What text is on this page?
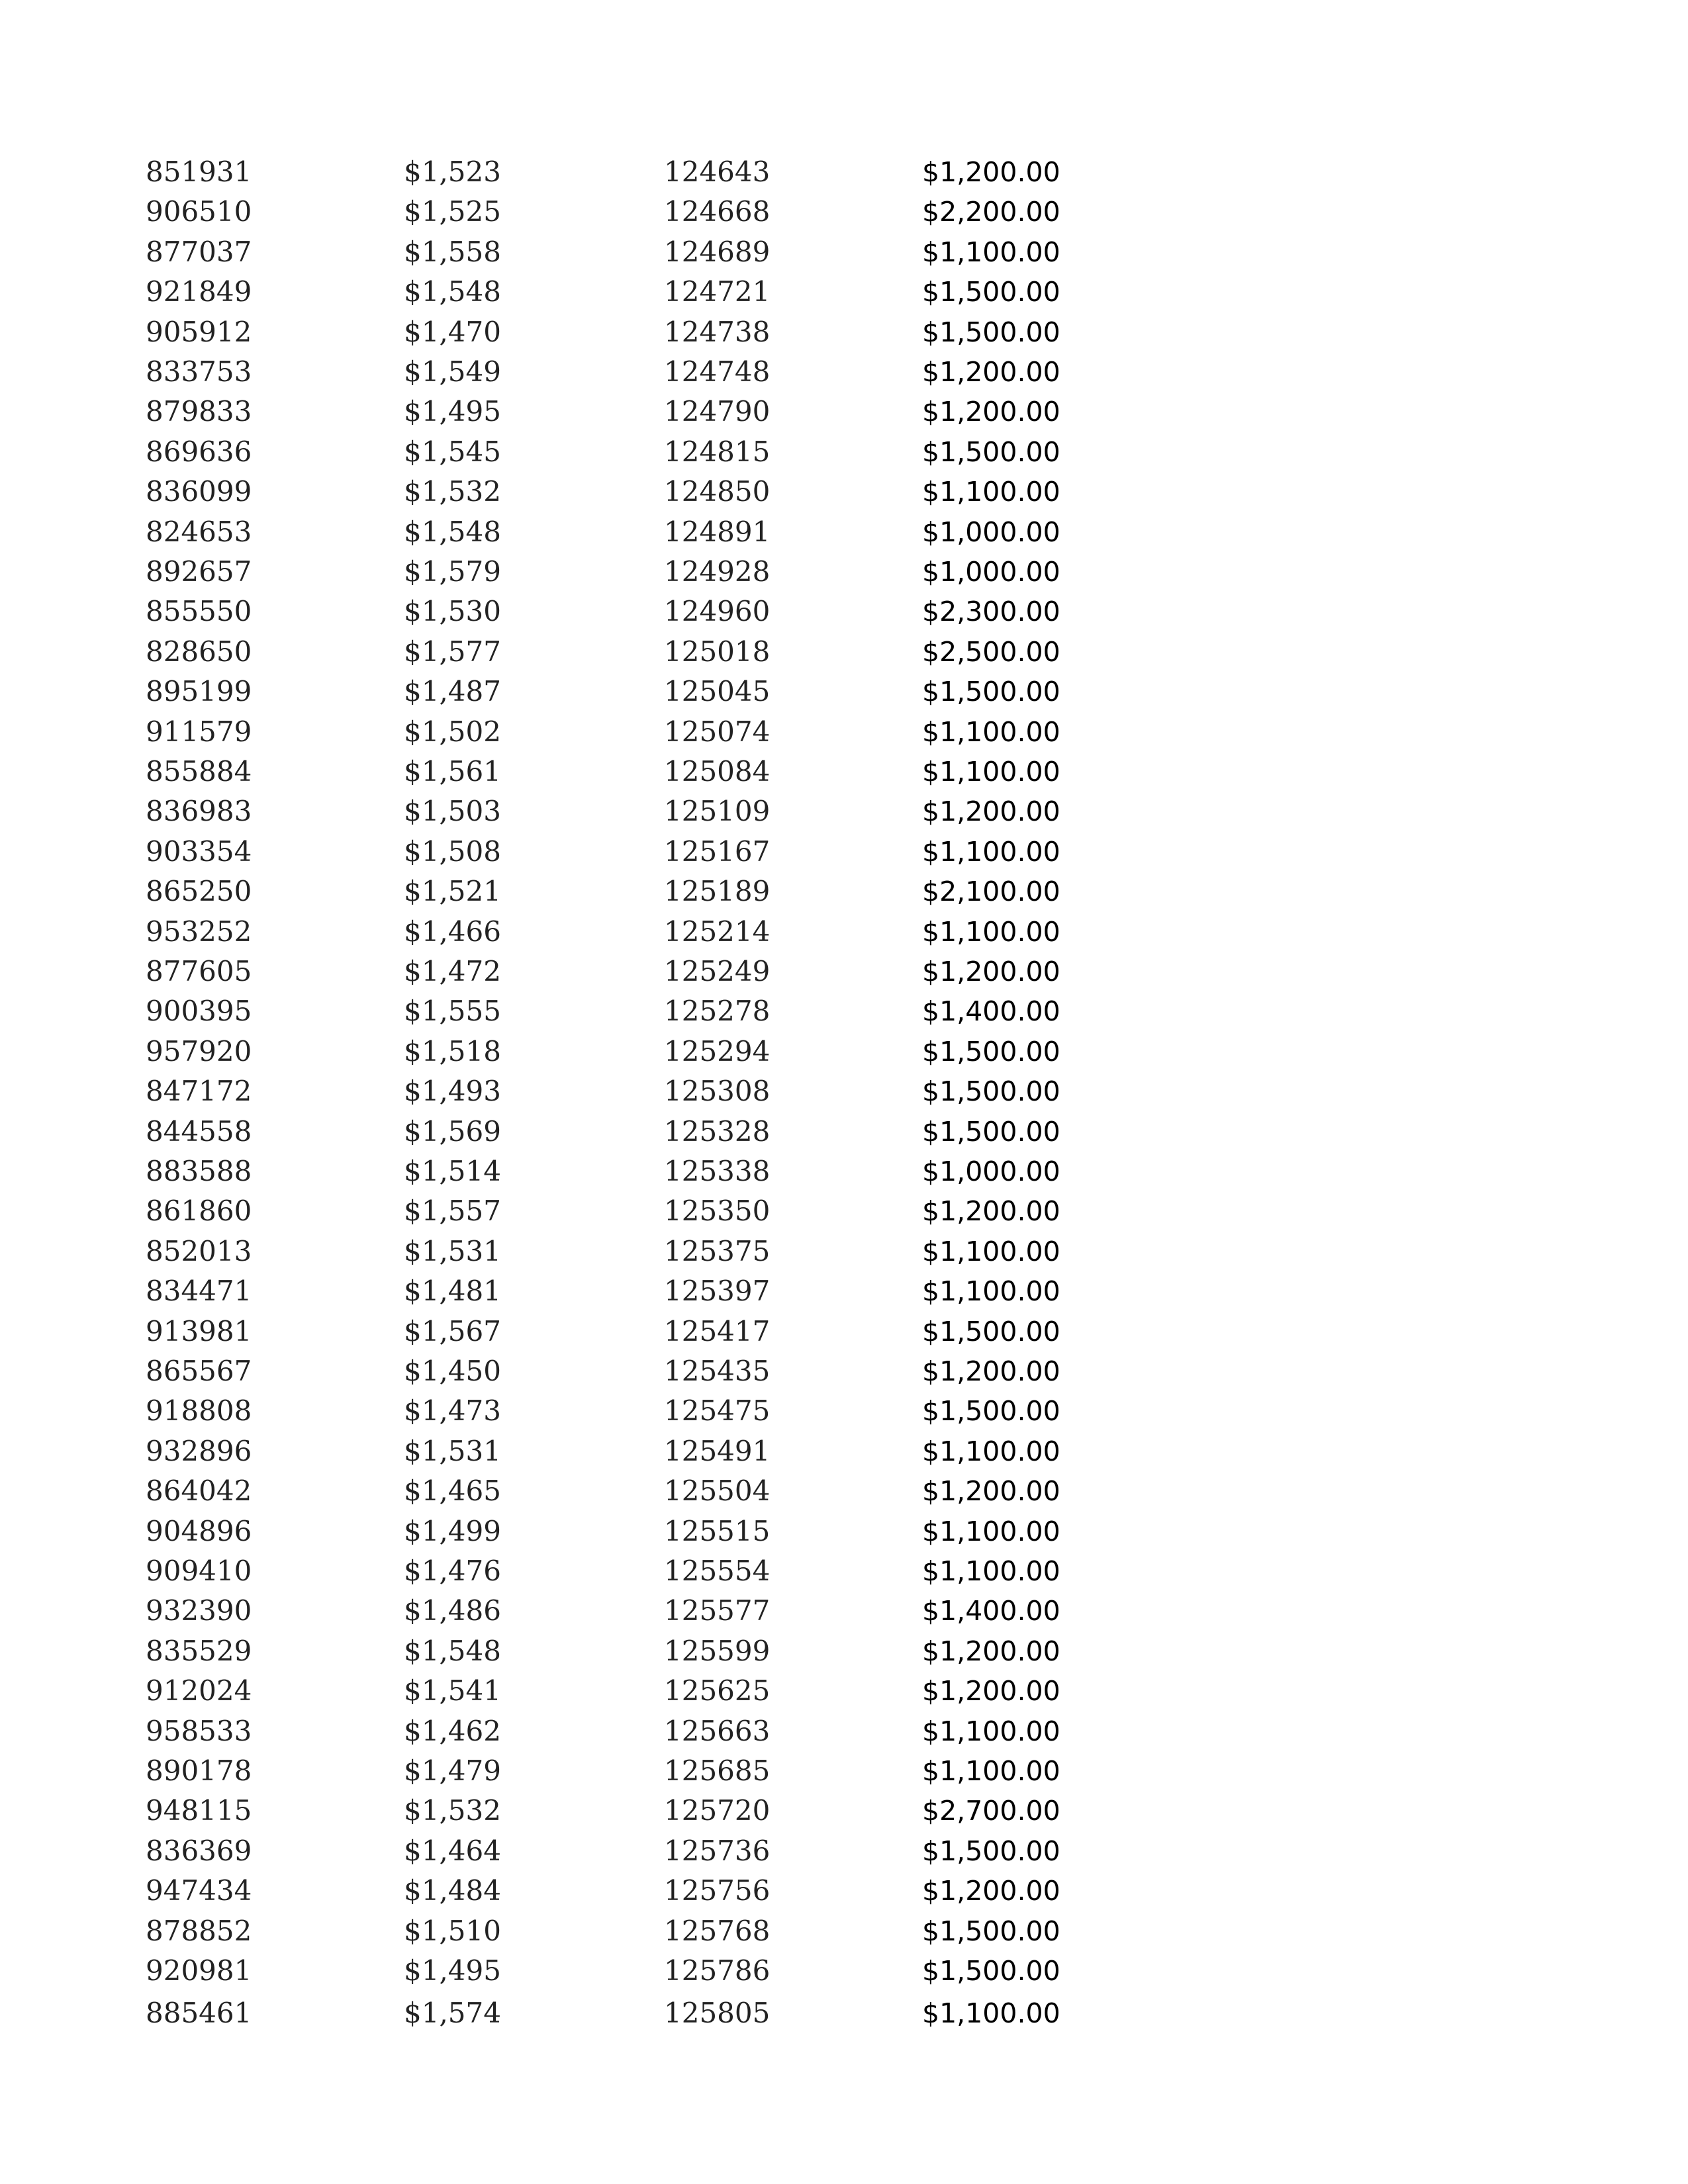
851931	$1,523	124643	$1,200.00
906510	$1,525	124668	$2,200.00
877037	$1,558	124689	$1,100.00
921849	$1,548	124721	$1,500.00
905912	$1,470	124738	$1,500.00
833753	$1,549	124748	$1,200.00
879833	$1,495	124790	$1,200.00
869636	$1,545	124815	$1,500.00
836099	$1,532	124850	$1,100.00
824653	$1,548	124891	$1,000.00
892657	$1,579	124928	$1,000.00
855550	$1,530	124960	$2,300.00
828650	$1,577	125018	$2,500.00
895199	$1,487	125045	$1,500.00
911579	$1,502	125074	$1,100.00
855884	$1,561	125084	$1,100.00
836983	$1,503	125109	$1,200.00
903354	$1,508	125167	$1,100.00
865250	$1,521	125189	$2,100.00
953252	$1,466	125214	$1,100.00
877605	$1,472	125249	$1,200.00
900395	$1,555	125278	$1,400.00
957920	$1,518	125294	$1,500.00
847172	$1,493	125308	$1,500.00
844558	$1,569	125328	$1,500.00
883588	$1,514	125338	$1,000.00
861860	$1,557	125350	$1,200.00
852013	$1,531	125375	$1,100.00
834471	$1,481	125397	$1,100.00
913981	$1,567	125417	$1,500.00
865567	$1,450	125435	$1,200.00
918808	$1,473	125475	$1,500.00
932896	$1,531	125491	$1,100.00
864042	$1,465	125504	$1,200.00
904896	$1,499	125515	$1,100.00
909410	$1,476	125554	$1,100.00
932390	$1,486	125577	$1,400.00
835529	$1,548	125599	$1,200.00
912024	$1,541	125625	$1,200.00
958533	$1,462	125663	$1,100.00
890178	$1,479	125685	$1,100.00
948115	$1,532	125720	$2,700.00
836369	$1,464	125736	$1,500.00
947434	$1,484	125756	$1,200.00
878852	$1,510	125768	$1,500.00
920981	$1,495	125786	$1,500.00
885461	$1,574	125805	$1,100.00
